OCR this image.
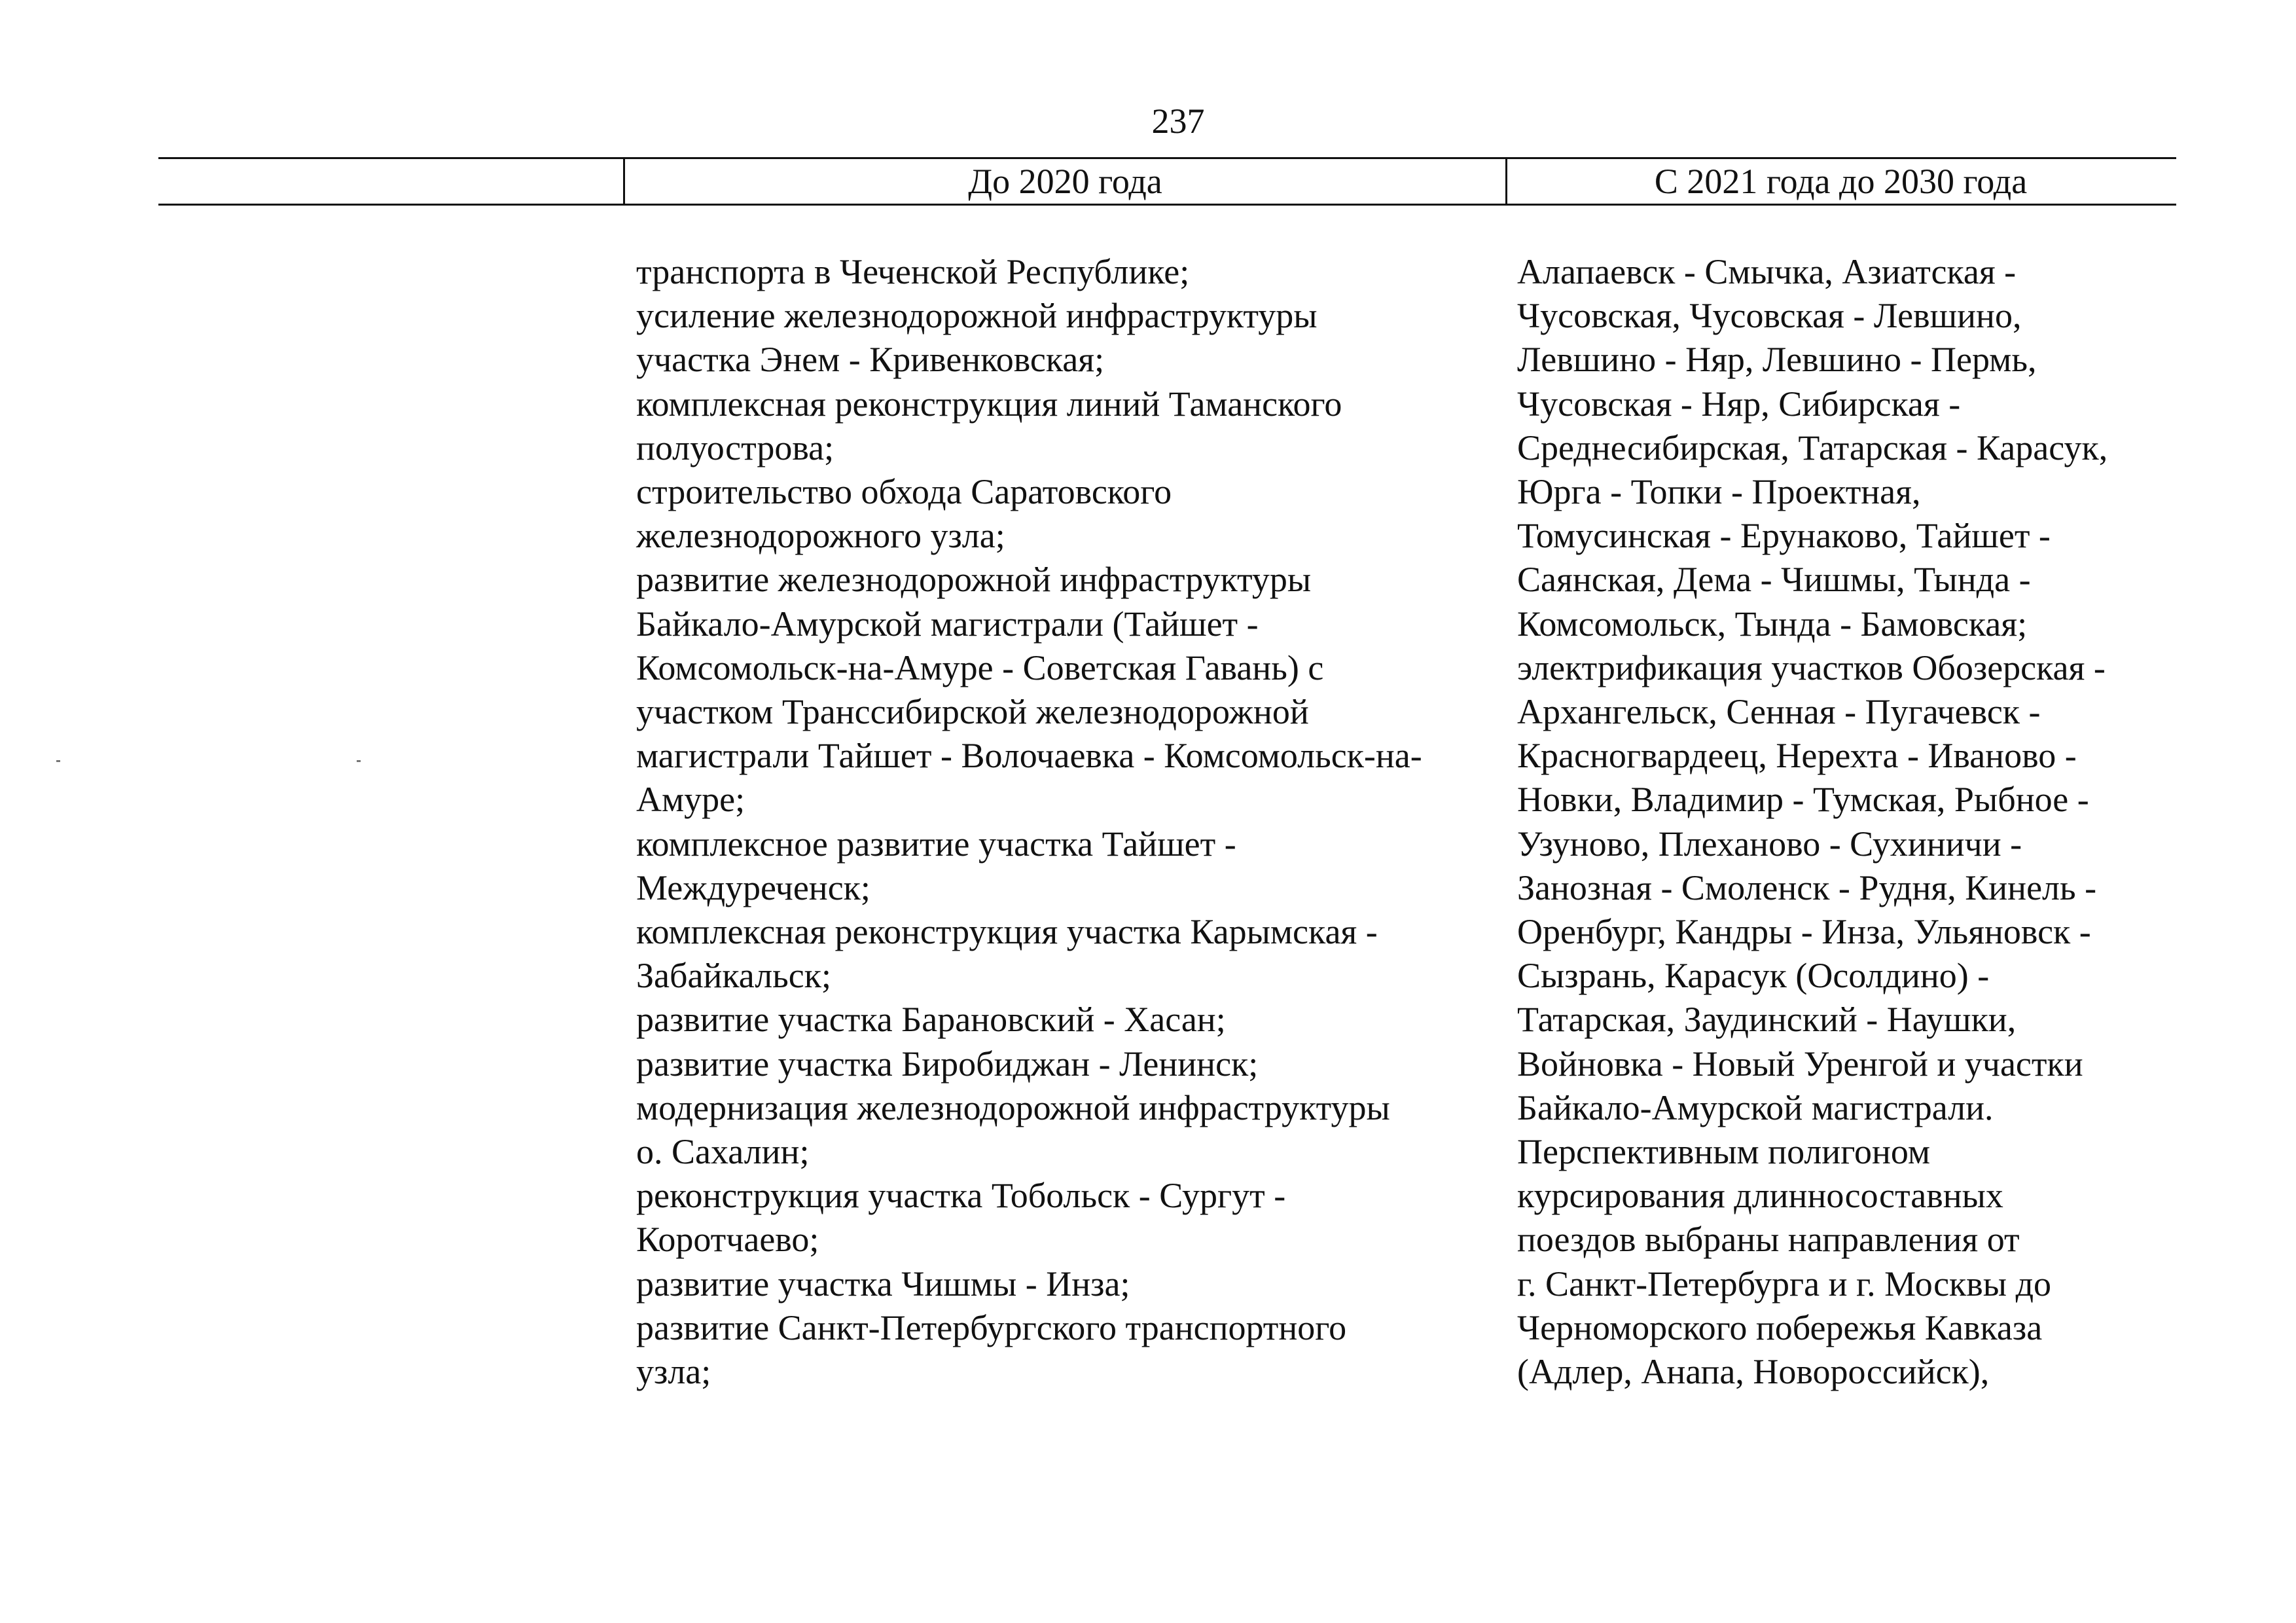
237
До 2020 года	С 2021 года до 2030 года
транспорта в Чеченской Республике;
усиление железнодорожной инфраструктуры
участка Энем - Кривенковская;
комплексная реконструкция линий Таманского
полуострова;
строительство обхода Саратовского
железнодорожного узла;
развитие железнодорожной инфраструктуры
Байкало-Амурской магистрали (Тайшет -
Комсомольск-на-Амуре - Советская Гавань) с
участком Транссибирской железнодорожной
магистрали Тайшет - Волочаевка - Комсомольск-на-
Амуре;
комплексное развитие участка Тайшет -
Междуреченск;
комплексная реконструкция участка Карымская -
Забайкальск;
развитие участка Барановский - Хасан;
развитие участка Биробиджан - Ленинск;
модернизация железнодорожной инфраструктуры
о. Сахалин;
реконструкция участка Тобольск - Сургут -
Коротчаево;
развитие участка Чишмы - Инза;
развитие Санкт-Петербургского транспортного
узла;
Алапаевск - Смычка, Азиатская -
Чусовская, Чусовская - Левшино,
Левшино - Няр, Левшино - Пермь,
Чусовская - Няр, Сибирская -
Среднесибирская, Татарская - Карасук,
Юрга - Топки - Проектная,
Томусинская - Ерунаково, Тайшет -
Саянская, Дема - Чишмы, Тында -
Комсомольск, Тында - Бамовская;
электрификация участков Обозерская -
Архангельск, Сенная - Пугачевск -
Красногвардеец, Нерехта - Иваново -
Новки, Владимир - Тумская, Рыбное -
Узуново, Плеханово - Сухиничи -
Занозная - Смоленск - Рудня, Кинель -
Оренбург, Кандры - Инза, Ульяновск -
Сызрань, Карасук (Осолдино) -
Татарская, Заудинский - Наушки,
Войновка - Новый Уренгой и участки
Байкало-Амурской магистрали.
Перспективным полигоном
курсирования длинносоставных
поездов выбраны направления от
г. Санкт-Петербурга и г. Москвы до
Черноморского побережья Кавказа
(Адлер, Анапа, Новороссийск),
